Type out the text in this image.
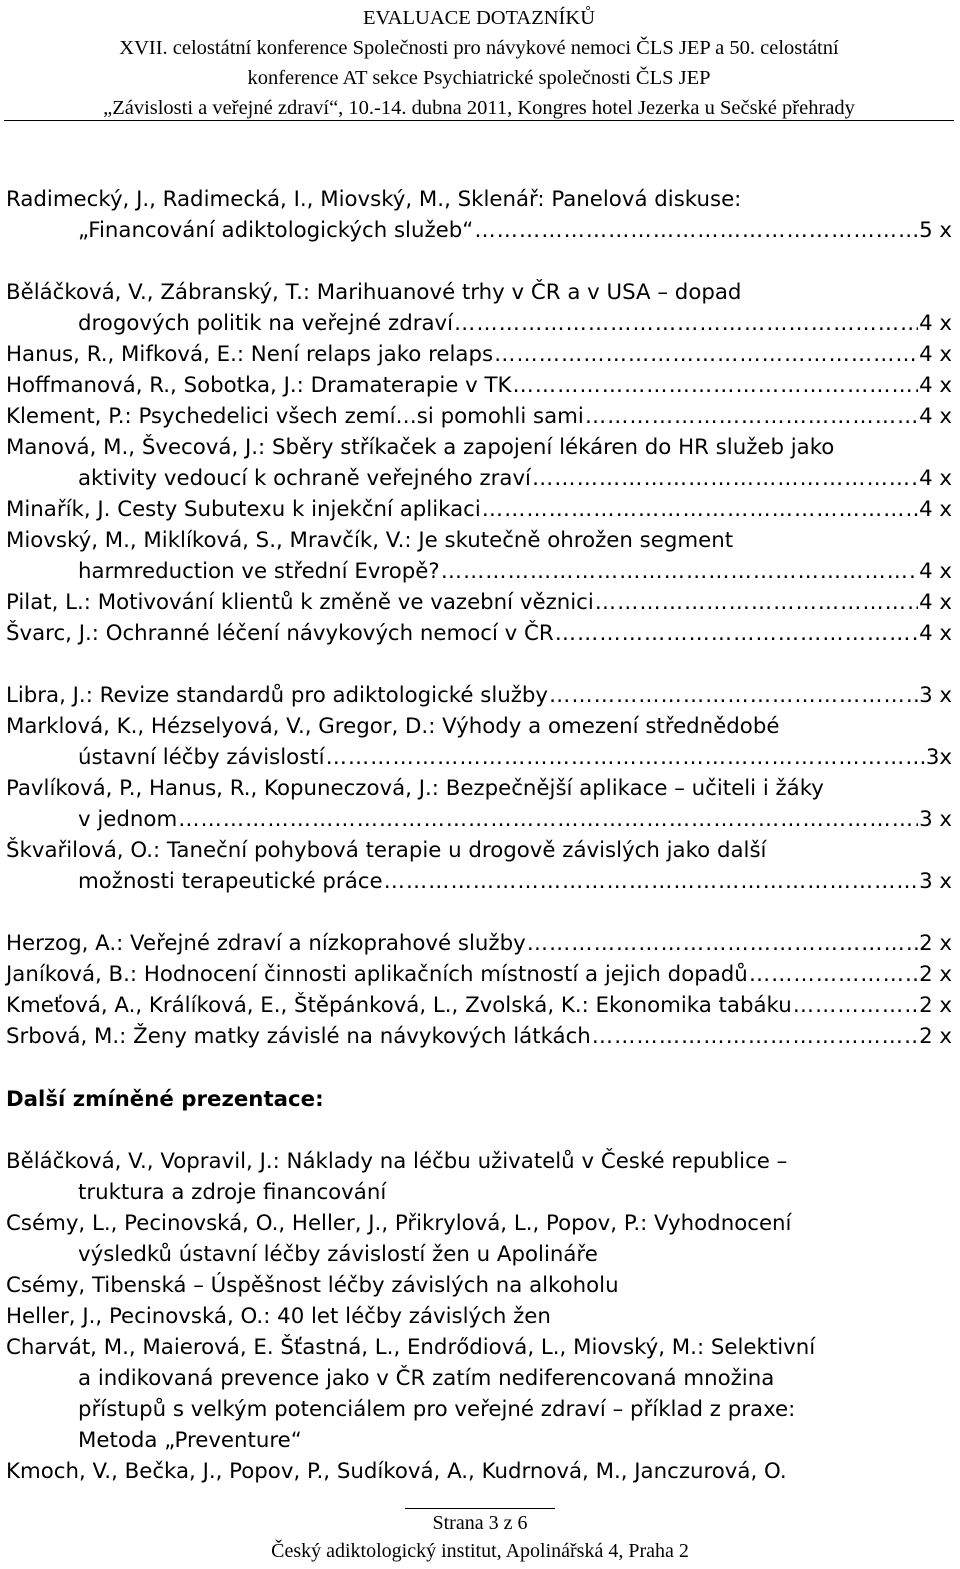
EVALUACE DOTAZNÍKŮ
XVII. celostátní konference Společnosti pro návykové nemoci ČLS JEP a 50. celostátní
konference AT sekce Psychiatrické společnosti ČLS JEP
„Závislosti a veřejné zdraví“, 10.-14. dubna 2011, Kongres hotel Jezerka u Sečské přehrady
Radimecký, J., Radimecká, I., Miovský, M., Sklenář: Panelová diskuse:
„Financování adiktologických služeb“ ……………………………………………………………………………………………………………………………	5 x
Běláčková, V., Zábranský, T.: Marihuanové trhy v ČR a v USA – dopad
drogových politik na veřejné zdraví ……………………………………………………………………………………………………………………………	4 x
Hanus, R., Mifková, E.: Není relaps jako relaps ……………………………………………………………………………………………………………………………	4 x
Hoffmanová, R., Sobotka, J.: Dramaterapie v TK ……………………………………………………………………………………………………………………………	4 x
Klement, P.: Psychedelici všech zemí…si pomohli sami ……………………………………………………………………………………………………………………………	4 x
Manová, M., Švecová, J.: Sběry stříkaček a zapojení lékáren do HR služeb jako
aktivity vedoucí k ochraně veřejného zraví ……………………………………………………………………………………………………………………………	4 x
Minařík, J. Cesty Subutexu k injekční aplikaci ……………………………………………………………………………………………………………………………	4 x
Miovský, M., Miklíková, S., Mravčík, V.: Je skutečně ohrožen segment
harmreduction ve střední Evropě? ……………………………………………………………………………………………………………………………	4 x
Pilat, L.: Motivování klientů k změně ve vazební věznici ……………………………………………………………………………………………………………………………	4 x
Švarc, J.: Ochranné léčení návykových nemocí v ČR ……………………………………………………………………………………………………………………………	4 x
Libra, J.: Revize standardů pro adiktologické služby ……………………………………………………………………………………………………………………………	3 x
Marklová, K., Hézselyová, V., Gregor, D.: Výhody a omezení střednědobé
ústavní léčby závislostí ……………………………………………………………………………………………………………………………	3x
Pavlíková, P., Hanus, R., Kopuneczová, J.: Bezpečnější aplikace – učiteli i žáky
v jednom ……………………………………………………………………………………………………………………………	3 x
Škvařilová, O.: Taneční pohybová terapie u drogově závislých jako další
možnosti terapeutické práce ……………………………………………………………………………………………………………………………	3 x
Herzog, A.: Veřejné zdraví a nízkoprahové služby ……………………………………………………………………………………………………………………………	2 x
Janíková, B.: Hodnocení činnosti aplikačních místností a jejich dopadů ……………………………………………………………………………………………………………………………	2 x
Kmeťová, A., Králíková, E., Štěpánková, L., Zvolská, K.: Ekonomika tabáku ……………………………………………………………………………………………………………………………	2 x
Srbová, M.: Ženy matky závislé na návykových látkách ……………………………………………………………………………………………………………………………	2 x
Další zmíněné prezentace:
Běláčková, V., Vopravil, J.: Náklady na léčbu uživatelů v České republice –
truktura a zdroje financování
Csémy, L., Pecinovská, O., Heller, J., Přikrylová, L., Popov, P.: Vyhodnocení
výsledků ústavní léčby závislostí žen u Apolináře
Csémy, Tibenská – Úspěšnost léčby závislých na alkoholu
Heller, J., Pecinovská, O.: 40 let léčby závislých žen
Charvát, M., Maierová, E. Šťastná, L., Endrődiová, L., Miovský, M.: Selektivní
a indikovaná prevence jako v ČR zatím nediferencovaná množina
přístupů s velkým potenciálem pro veřejné zdraví – příklad z praxe:
Metoda „Preventure“
Kmoch, V., Bečka, J., Popov, P., Sudíková, A., Kudrnová, M., Janczurová, O.
Strana 3 z 6
Český adiktologický institut, Apolinářská 4, Praha 2
